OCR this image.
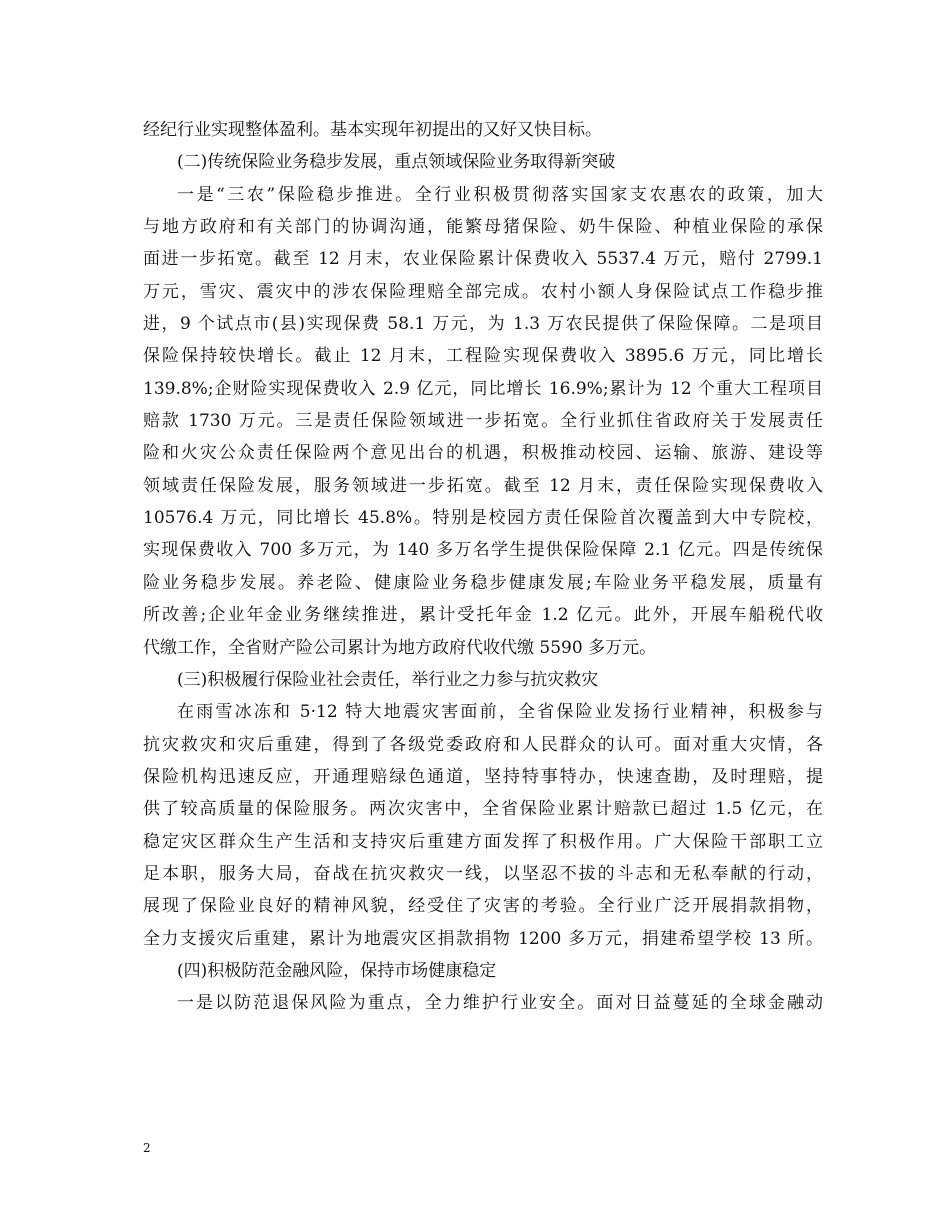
经纪行业实现整体盈利。基本实现年初提出的又好又快目标。
(二)传统保险业务稳步发展，重点领域保险业务取得新突破
一是“三农”保险稳步推进。全行业积极贯彻落实国家支农惠农的政策，加大
与地方政府和有关部门的协调沟通，能繁母猪保险、奶牛保险、种植业保险的承保
面进一步拓宽。截至 12 月末，农业保险累计保费收入 5537.4 万元，赔付 2799.1
万元，雪灾、震灾中的涉农保险理赔全部完成。农村小额人身保险试点工作稳步推
进，9 个试点市(县)实现保费 58.1 万元，为 1.3 万农民提供了保险保障。二是项目
保险保持较快增长。截止 12 月末，工程险实现保费收入 3895.6 万元，同比增长
139.8%;企财险实现保费收入 2.9 亿元，同比增长 16.9%;累计为 12 个重大工程项目
赔款 1730 万元。三是责任保险领域进一步拓宽。全行业抓住省政府关于发展责任
险和火灾公众责任保险两个意见出台的机遇，积极推动校园、运输、旅游、建设等
领域责任保险发展，服务领域进一步拓宽。截至 12 月末，责任保险实现保费收入
10576.4 万元，同比增长 45.8%。特别是校园方责任保险首次覆盖到大中专院校，
实现保费收入 700 多万元，为 140 多万名学生提供保险保障 2.1 亿元。四是传统保
险业务稳步发展。养老险、健康险业务稳步健康发展;车险业务平稳发展，质量有
所改善;企业年金业务继续推进，累计受托年金 1.2 亿元。此外，开展车船税代收
代缴工作，全省财产险公司累计为地方政府代收代缴 5590 多万元。
(三)积极履行保险业社会责任，举行业之力参与抗灾救灾
在雨雪冰冻和 5·12 特大地震灾害面前，全省保险业发扬行业精神，积极参与
抗灾救灾和灾后重建，得到了各级党委政府和人民群众的认可。面对重大灾情，各
保险机构迅速反应，开通理赔绿色通道，坚持特事特办，快速查勘，及时理赔，提
供了较高质量的保险服务。两次灾害中，全省保险业累计赔款已超过 1.5 亿元，在
稳定灾区群众生产生活和支持灾后重建方面发挥了积极作用。广大保险干部职工立
足本职，服务大局，奋战在抗灾救灾一线，以坚忍不拔的斗志和无私奉献的行动，
展现了保险业良好的精神风貌，经受住了灾害的考验。全行业广泛开展捐款捐物，
全力支援灾后重建，累计为地震灾区捐款捐物 1200 多万元，捐建希望学校 13 所。
(四)积极防范金融风险，保持市场健康稳定
一是以防范退保风险为重点，全力维护行业安全。面对日益蔓延的全球金融动
2
